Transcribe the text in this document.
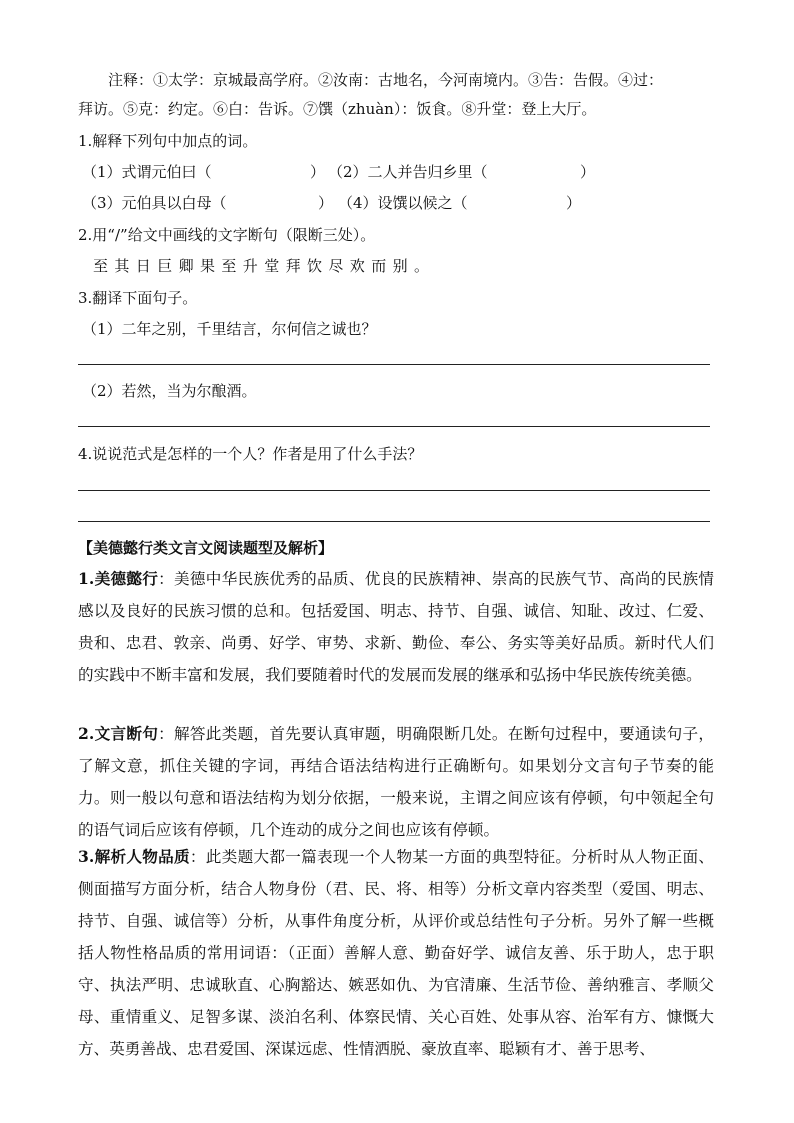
注释：①太学：京城最高学府。②汝南：古地名，今河南境内。③告：告假。④过：
拜访。⑤克：约定。⑥白：告诉。⑦馔（zhuàn）：饭食。⑧升堂：登上大厅。
1.解释下列句中加点的词。
（1）式谓元伯曰（	） （2）二人并告归乡里（	）
（3）元伯具以白母（	） （4）设馔以候之（	）
2.用“/”给文中画线的文字断句（限断三处）。
至其日巨卿果至升堂拜饮尽欢而别。
3.翻译下面句子。
（1）二年之别，千里结言，尔何信之诚也？
（2）若然，当为尔酿酒。
4.说说范式是怎样的一个人？作者是用了什么手法？
【美德懿行类文言文阅读题型及解析】
1.美德懿行：美德中华民族优秀的品质、优良的民族精神、崇高的民族气节、高尚的民族情感以及良好的民族习惯的总和。包括爱国、明志、持节、自强、诚信、知耻、改过、仁爱、贵和、忠君、敦亲、尚勇、好学、审势、求新、勤俭、奉公、务实等美好品质。新时代人们的实践中不断丰富和发展，我们要随着时代的发展而发展的继承和弘扬中华民族传统美德。
2.文言断句：解答此类题，首先要认真审题，明确限断几处。在断句过程中，要通读句子，了解文意，抓住关键的字词，再结合语法结构进行正确断句。如果划分文言句子节奏的能力。则一般以句意和语法结构为划分依据，一般来说，主谓之间应该有停顿，句中领起全句的语气词后应该有停顿，几个连动的成分之间也应该有停顿。
3.解析人物品质：此类题大都一篇表现一个人物某一方面的典型特征。分析时从人物正面、侧面描写方面分析，结合人物身份（君、民、将、相等）分析文章内容类型（爱国、明志、持节、自强、诚信等）分析，从事件角度分析，从评价或总结性句子分析。另外了解一些概括人物性格品质的常用词语：（正面）善解人意、勤奋好学、诚信友善、乐于助人，忠于职守、执法严明、忠诚耿直、心胸豁达、嫉恶如仇、为官清廉、生活节俭、善纳雅言、孝顺父母、重情重义、足智多谋、淡泊名利、体察民情、关心百姓、处事从容、治军有方、慷慨大方、英勇善战、忠君爱国、深谋远虑、性情洒脱、豪放直率、聪颖有才、善于思考、
